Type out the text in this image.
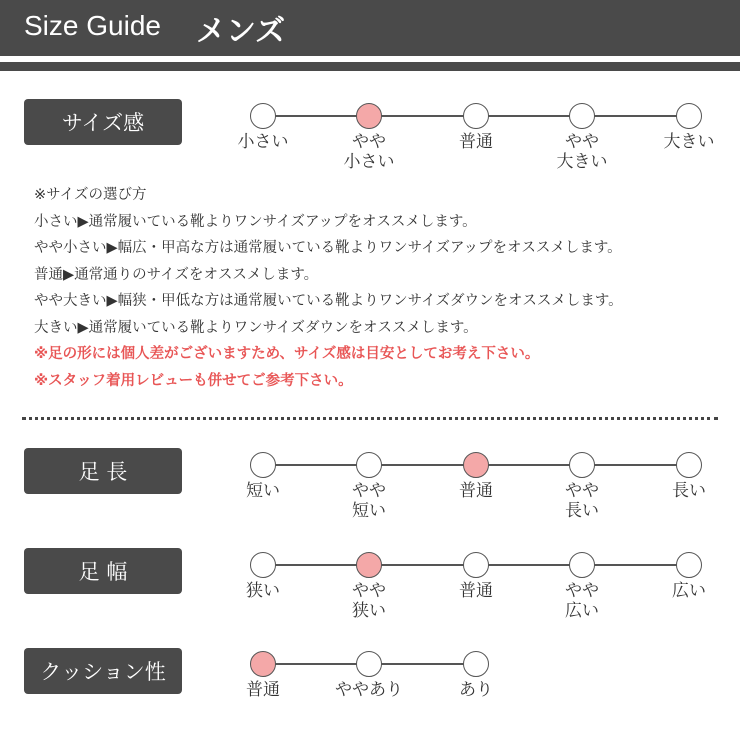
Size Guide メンズ
サイズ感
小さい	やや
小さい
普通	やや
大きい
大きい
※サイズの選び方
小さい▶通常履いている靴よりワンサイズアップをオススメします。
やや小さい▶幅広・甲高な方は通常履いている靴よりワンサイズアップをオススメします。
普通▶通常通りのサイズをオススメします。
やや大きい▶幅狭・甲低な方は通常履いている靴よりワンサイズダウンをオススメします。
大きい▶通常履いている靴よりワンサイズダウンをオススメします。
※足の形には個人差がございますため、サイズ感は目安としてお考え下さい。
※スタッフ着用レビューも併せてご参考下さい。
足 長
短い	やや
短い
普通	やや
長い
長い
足 幅
狭い	やや
狭い
普通	やや
広い
広い
クッション性
普通	ややあり	あり
